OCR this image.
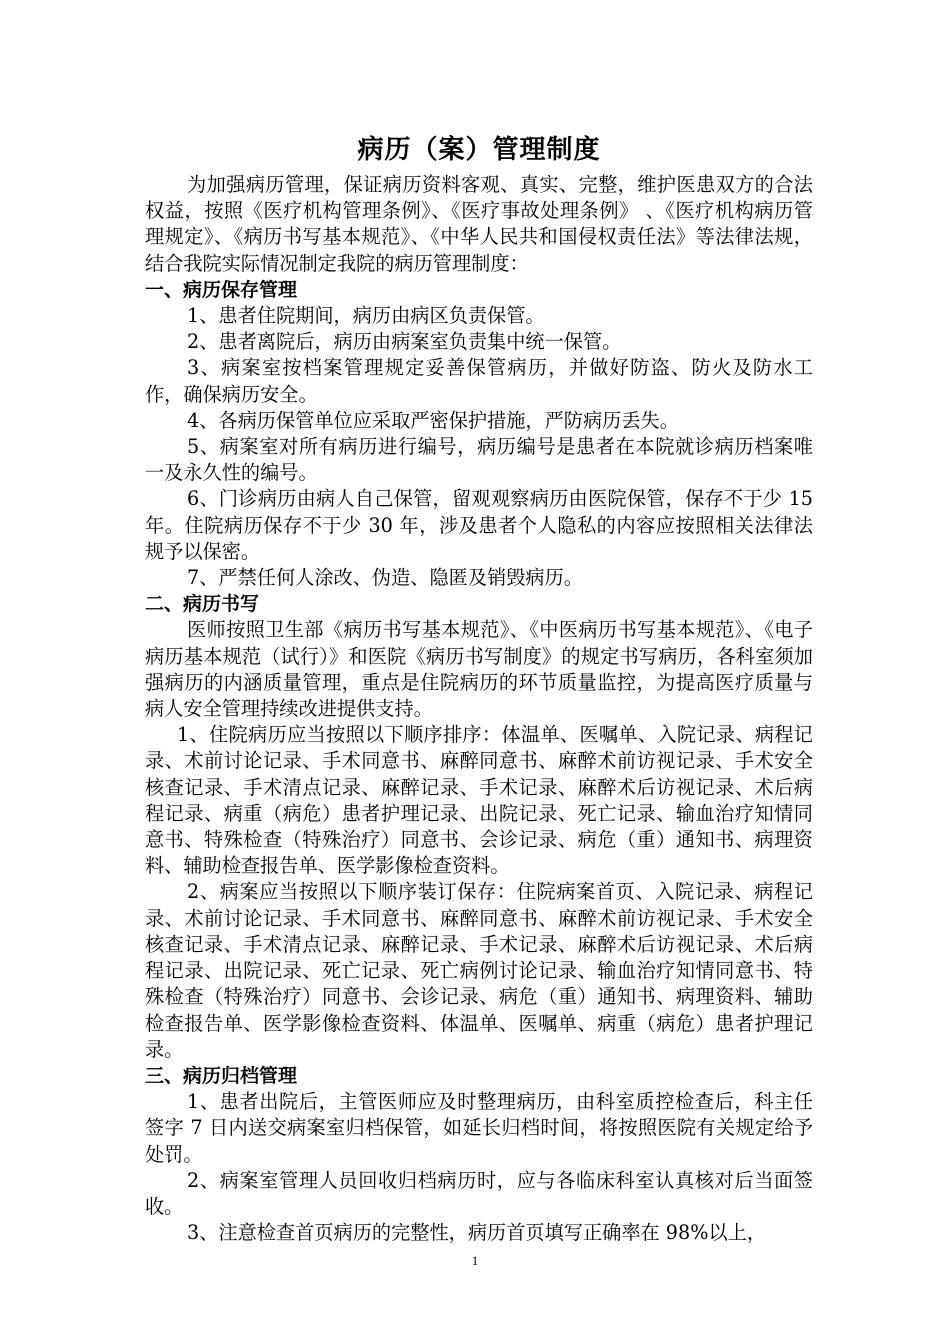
病历（案）管理制度

为加强病历管理，保证病历资料客观、真实、完整，维护医患双方的合法权益，按照《医疗机构管理条例》、《医疗事故处理条例》 、《医疗机构病历管理规定》、《病历书写基本规范》、《中华人民共和国侵权责任法》等法律法规，结合我院实际情况制定我院的病历管理制度：

一、病历保存管理

1、患者住院期间，病历由病区负责保管。

2、患者离院后，病历由病案室负责集中统一保管。

3、病案室按档案管理规定妥善保管病历，并做好防盗、防火及防水工作，确保病历安全。

4、各病历保管单位应采取严密保护措施，严防病历丢失。

5、病案室对所有病历进行编号，病历编号是患者在本院就诊病历档案唯一及永久性的编号。

6、门诊病历由病人自己保管，留观观察病历由医院保管，保存不于少 15 年。住院病历保存不于少 30 年，涉及患者个人隐私的内容应按照相关法律法规予以保密。

7、严禁任何人涂改、伪造、隐匿及销毁病历。

二、病历书写

医师按照卫生部《病历书写基本规范》、《中医病历书写基本规范》、《电子病历基本规范（试行）》和医院《病历书写制度》的规定书写病历，各科室须加强病历的内涵质量管理，重点是住院病历的环节质量监控，为提高医疗质量与病人安全管理持续改进提供支持。

1、住院病历应当按照以下顺序排序：体温单、医嘱单、入院记录、病程记录、术前讨论记录、手术同意书、麻醉同意书、麻醉术前访视记录、手术安全核查记录、手术清点记录、麻醉记录、手术记录、麻醉术后访视记录、术后病程记录、病重（病危）患者护理记录、出院记录、死亡记录、输血治疗知情同意书、特殊检查（特殊治疗）同意书、会诊记录、病危（重）通知书、病理资料、辅助检查报告单、医学影像检查资料。

2、病案应当按照以下顺序装订保存：住院病案首页、入院记录、病程记录、术前讨论记录、手术同意书、麻醉同意书、麻醉术前访视记录、手术安全核查记录、手术清点记录、麻醉记录、手术记录、麻醉术后访视记录、术后病程记录、出院记录、死亡记录、死亡病例讨论记录、输血治疗知情同意书、特殊检查（特殊治疗）同意书、会诊记录、病危（重）通知书、病理资料、辅助检查报告单、医学影像检查资料、体温单、医嘱单、病重（病危）患者护理记录。

三、病历归档管理

1、患者出院后，主管医师应及时整理病历，由科室质控检查后，科主任签字 7 日内送交病案室归档保管，如延长归档时间，将按照医院有关规定给予处罚。

2、病案室管理人员回收归档病历时，应与各临床科室认真核对后当面签收。

3、注意检查首页病历的完整性，病历首页填写正确率在 98%以上，

1
